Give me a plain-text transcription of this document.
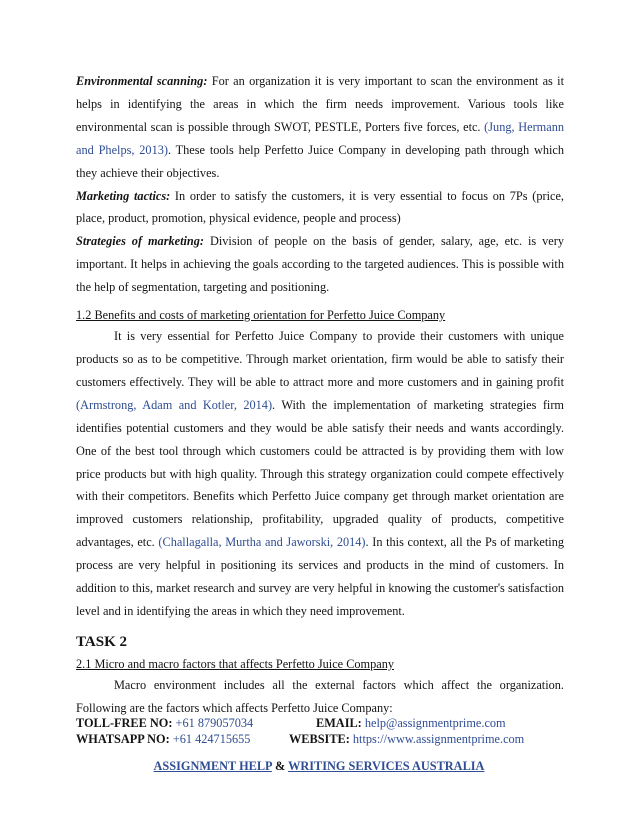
Environmental scanning: For an organization it is very important to scan the environment as it helps in identifying the areas in which the firm needs improvement. Various tools like environmental scan is possible through SWOT, PESTLE, Porters five forces, etc. (Jung, Hermann and Phelps, 2013). These tools help Perfetto Juice Company in developing path through which they achieve their objectives.

Marketing tactics: In order to satisfy the customers, it is very essential to focus on 7Ps (price, place, product, promotion, physical evidence, people and process)

Strategies of marketing: Division of people on the basis of gender, salary, age, etc. is very important. It helps in achieving the goals according to the targeted audiences. This is possible with the help of segmentation, targeting and positioning.

1.2 Benefits and costs of marketing orientation for Perfetto Juice Company

It is very essential for Perfetto Juice Company to provide their customers with unique products so as to be competitive. Through market orientation, firm would be able to satisfy their customers effectively. They will be able to attract more and more customers and in gaining profit (Armstrong, Adam and Kotler, 2014). With the implementation of marketing strategies firm identifies potential customers and they would be able satisfy their needs and wants accordingly. One of the best tool through which customers could be attracted is by providing them with low price products but with high quality. Through this strategy organization could compete effectively with their competitors. Benefits which Perfetto Juice company get through market orientation are improved customers relationship, profitability, upgraded quality of products, competitive advantages, etc. (Challagalla, Murtha and Jaworski, 2014). In this context, all the Ps of marketing process are very helpful in positioning its services and products in the mind of customers. In addition to this, market research and survey are very helpful in knowing the customer's satisfaction level and in identifying the areas in which they need improvement.

TASK 2

2.1 Micro and macro factors that affects Perfetto Juice Company

Macro environment includes all the external factors which affect the organization. Following are the factors which affects Perfetto Juice Company:

TOLL-FREE NO: +61 879057034	EMAIL: help@assignmentprime.com
WHATSAPP NO: +61 424715655	WEBSITE: https://www.assignmentprime.com
ASSIGNMENT HELP & WRITING SERVICES AUSTRALIA
